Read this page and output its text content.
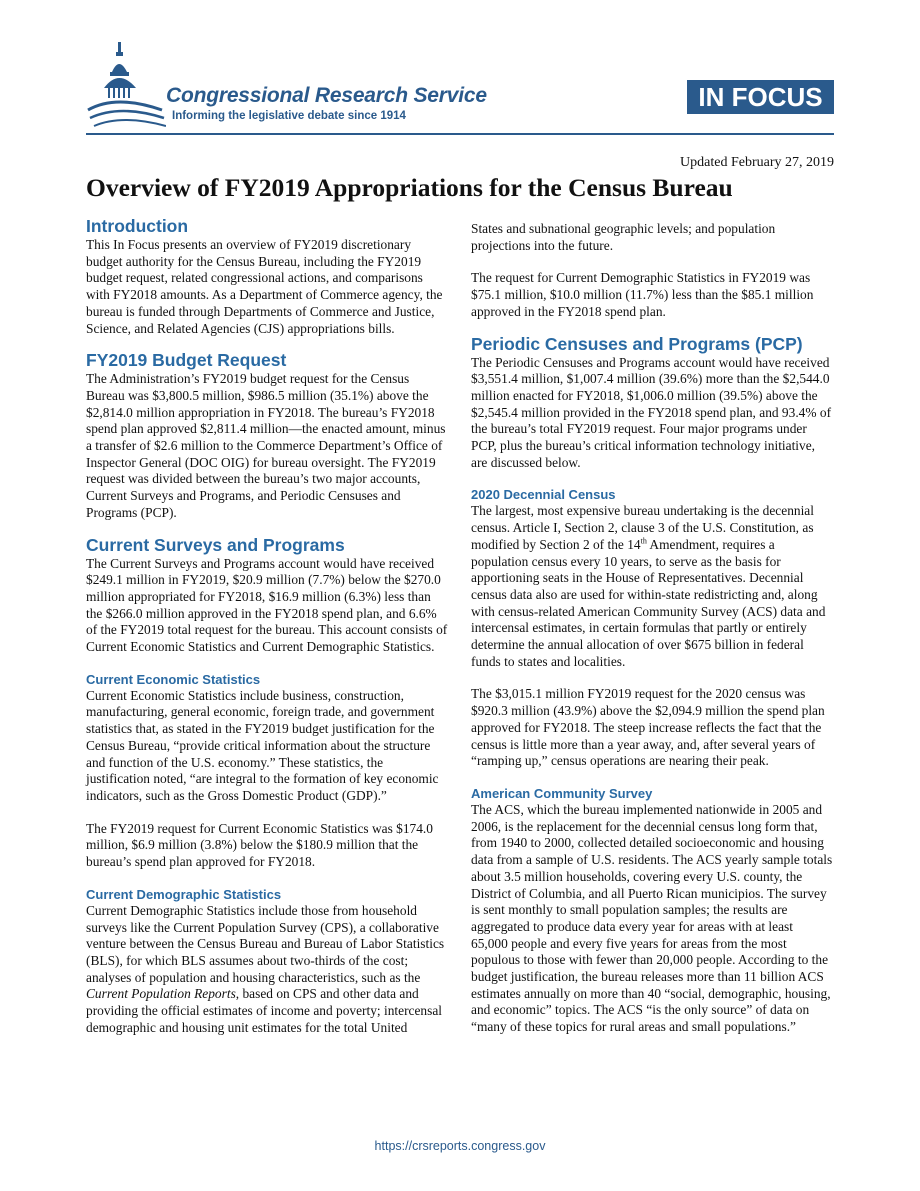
Congressional Research Service
Informing the legislative debate since 1914
IN FOCUS
Updated February 27, 2019
Overview of FY2019 Appropriations for the Census Bureau
Introduction

This In Focus presents an overview of FY2019 discretionary budget authority for the Census Bureau, including the FY2019 budget request, related congressional actions, and comparisons with FY2018 amounts. As a Department of Commerce agency, the bureau is funded through Departments of Commerce and Justice, Science, and Related Agencies (CJS) appropriations bills.

FY2019 Budget Request

The Administration’s FY2019 budget request for the Census Bureau was $3,800.5 million, $986.5 million (35.1%) above the $2,814.0 million appropriation in FY2018. The bureau’s FY2018 spend plan approved $2,811.4 million—the enacted amount, minus a transfer of $2.6 million to the Commerce Department’s Office of Inspector General (DOC OIG) for bureau oversight. The FY2019 request was divided between the bureau’s two major accounts, Current Surveys and Programs, and Periodic Censuses and Programs (PCP).

Current Surveys and Programs

The Current Surveys and Programs account would have received $249.1 million in FY2019, $20.9 million (7.7%) below the $270.0 million appropriated for FY2018, $16.9 million (6.3%) less than the $266.0 million approved in the FY2018 spend plan, and 6.6% of the FY2019 total request for the bureau. This account consists of Current Economic Statistics and Current Demographic Statistics.

Current Economic Statistics

Current Economic Statistics include business, construction, manufacturing, general economic, foreign trade, and government statistics that, as stated in the FY2019 budget justification for the Census Bureau, “provide critical information about the structure and function of the U.S. economy.” These statistics, the justification noted, “are integral to the formation of key economic indicators, such as the Gross Domestic Product (GDP).”

The FY2019 request for Current Economic Statistics was $174.0 million, $6.9 million (3.8%) below the $180.9 million that the bureau’s spend plan approved for FY2018.

Current Demographic Statistics

Current Demographic Statistics include those from household surveys like the Current Population Survey (CPS), a collaborative venture between the Census Bureau and Bureau of Labor Statistics (BLS), for which BLS assumes about two-thirds of the cost; analyses of population and housing characteristics, such as the Current Population Reports, based on CPS and other data and providing the official estimates of income and poverty; intercensal demographic and housing unit estimates for the total United

States and subnational geographic levels; and population projections into the future.

The request for Current Demographic Statistics in FY2019 was $75.1 million, $10.0 million (11.7%) less than the $85.1 million approved in the FY2018 spend plan.

Periodic Censuses and Programs (PCP)

The Periodic Censuses and Programs account would have received $3,551.4 million, $1,007.4 million (39.6%) more than the $2,544.0 million enacted for FY2018, $1,006.0 million (39.5%) above the $2,545.4 million provided in the FY2018 spend plan, and 93.4% of the bureau’s total FY2019 request. Four major programs under PCP, plus the bureau’s critical information technology initiative, are discussed below.

2020 Decennial Census

The largest, most expensive bureau undertaking is the decennial census. Article I, Section 2, clause 3 of the U.S. Constitution, as modified by Section 2 of the 14th Amendment, requires a population census every 10 years, to serve as the basis for apportioning seats in the House of Representatives. Decennial census data also are used for within-state redistricting and, along with census-related American Community Survey (ACS) data and intercensal estimates, in certain formulas that partly or entirely determine the annual allocation of over $675 billion in federal funds to states and localities.

The $3,015.1 million FY2019 request for the 2020 census was $920.3 million (43.9%) above the $2,094.9 million the spend plan approved for FY2018. The steep increase reflects the fact that the census is little more than a year away, and, after several years of “ramping up,” census operations are nearing their peak.

American Community Survey

The ACS, which the bureau implemented nationwide in 2005 and 2006, is the replacement for the decennial census long form that, from 1940 to 2000, collected detailed socioeconomic and housing data from a sample of U.S. residents. The ACS yearly sample totals about 3.5 million households, covering every U.S. county, the District of Columbia, and all Puerto Rican municipios. The survey is sent monthly to small population samples; the results are aggregated to produce data every year for areas with at least 65,000 people and every five years for areas from the most populous to those with fewer than 20,000 people. According to the budget justification, the bureau releases more than 11 billion ACS estimates annually on more than 40 “social, demographic, housing, and economic” topics. The ACS “is the only source” of data on “many of these topics for rural areas and small populations.”

https://crsreports.congress.gov
